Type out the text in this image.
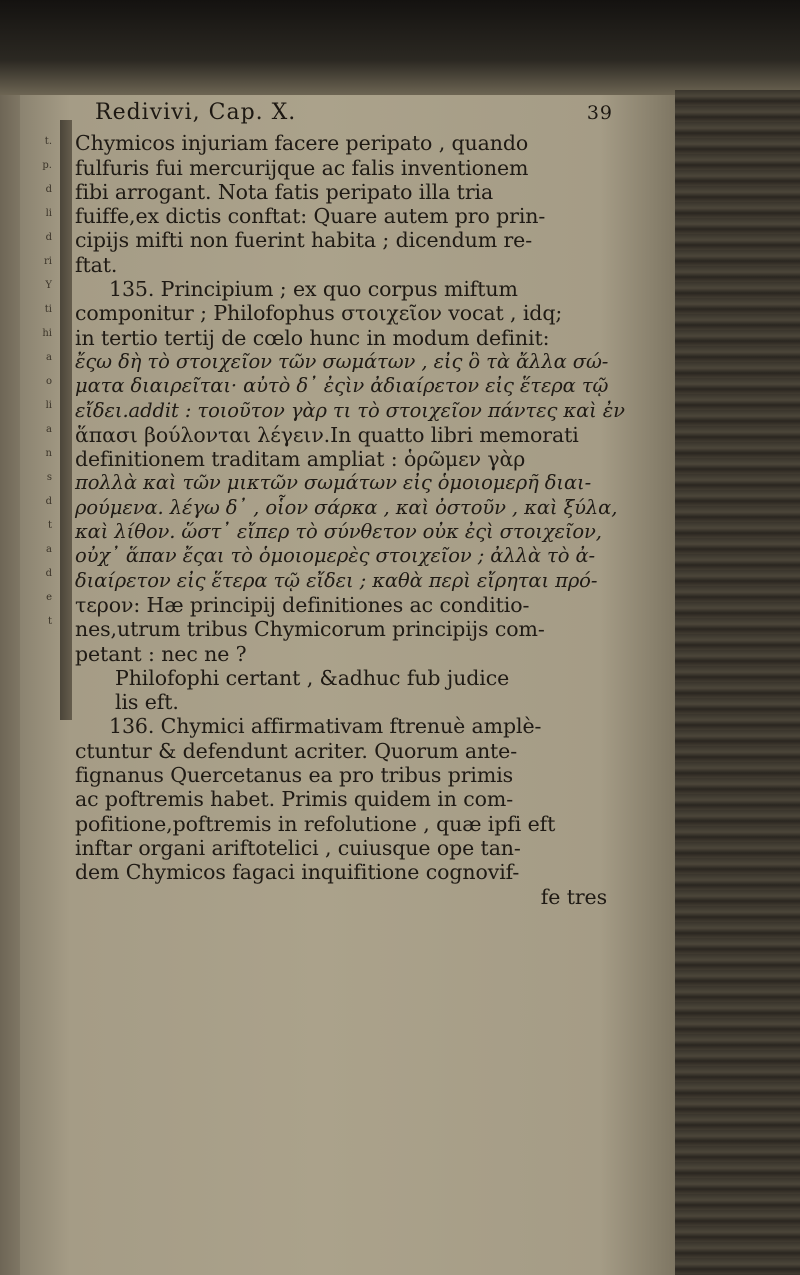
t.
p.
d
li
d
ri
Y
ti
hi
a
o
li
a
n
s
d
t
a
d
e
t
Redivivi, Cap. X.	39
Chymicos injuriam facere peripato , quando
fulfuris fui mercurijque ac falis inventionem
fibi arrogant. Nota fatis peripato illa tria
fuiffe,ex dictis conftat: Quare autem pro prin-
cipijs mifti non fuerint habita ; dicendum re-
ftat.
135. Principium ; ex quo corpus miftum
componitur ; Philofophus στοιχεῖον vocat , idq;
in tertio tertij de cœlo hunc in modum definit:
ἔςω δὴ τὸ στοιχεῖον τῶν σωμάτων , εἰς ὃ τὰ ἄλλα σώ-
ματα διαιρεῖται· αὐτὸ δ᾽ ἐςὶν ἀδιαίρετον εἰς ἕτερα τῷ
εἴδει.addit : τοιοῦτον γὰρ τι τὸ στοιχεῖον πάντες καὶ ἐν
ἅπασι βούλονται λέγειν.In quatto libri memorati
definitionem traditam ampliat : ὁρῶμεν γὰρ
πολλὰ καὶ τῶν μικτῶν σωμάτων εἰς ὁμοιομερῆ διαι-
ρούμενα. λέγω δ᾽ , οἷον σάρκα , καὶ ὀστοῦν , καὶ ξύλα,
καὶ λίθον. ὥστ᾽ εἴπερ τὸ σύνθετον οὐκ ἐςὶ στοιχεῖον,
οὐχ᾽ ἅπαν ἔςαι τὸ ὁμοιομερὲς στοιχεῖον ; ἀλλὰ τὸ ἀ-
διαίρετον εἰς ἕτερα τῷ εἴδει ; καθὰ περὶ εἴρηται πρό-
τερον: Hæ principij definitiones ac conditio-
nes,utrum tribus Chymicorum principijs com-
petant : nec ne ?
Philofophi certant , &adhuc fub judice
lis eft.
136. Chymici affirmativam ftrenuè amplè-
ctuntur & defendunt acriter. Quorum ante-
fignanus Quercetanus ea pro tribus primis
ac poftremis habet. Primis quidem in com-
pofitione,poftremis in refolutione , quæ ipfi eft
inftar organi ariftotelici , cuiusque ope tan-
dem Chymicos fagaci inquifitione cognovif-
fe tres
